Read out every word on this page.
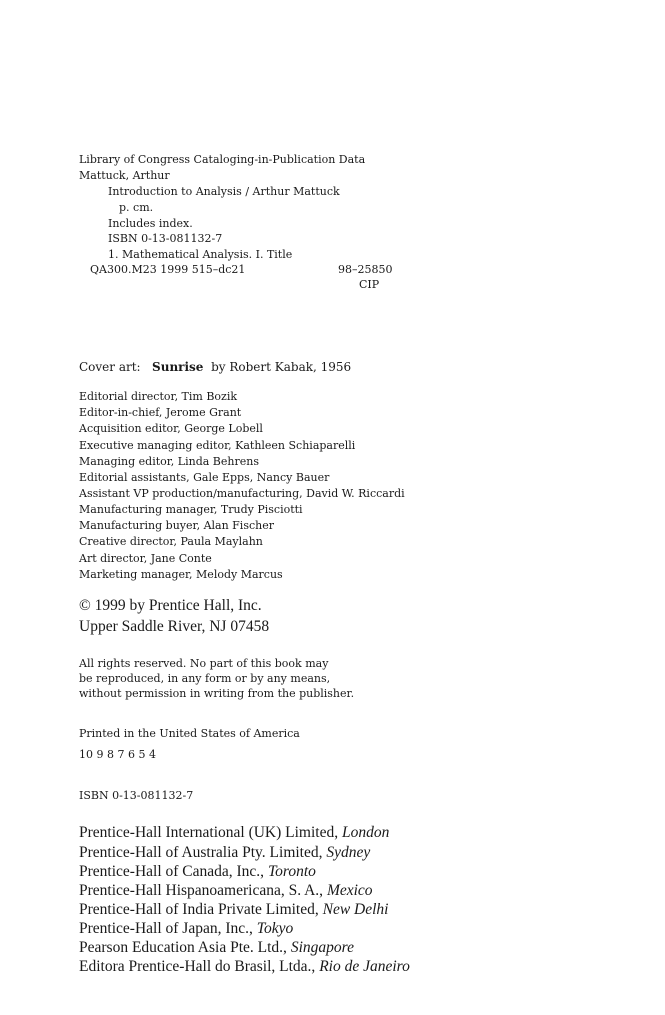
Library of Congress Cataloging-in-Publication Data
Mattuck, Arthur
Introduction to Analysis / Arthur Mattuck
p. cm.
Includes index.
ISBN 0-13-081132-7
1. Mathematical Analysis. I. Title
QA300.M23 1999 515–dc21	98–25850
CIP
Cover art: Sunrise by Robert Kabak, 1956
Editorial director, Tim Bozik
Editor-in-chief, Jerome Grant
Acquisition editor, George Lobell
Executive managing editor, Kathleen Schiaparelli
Managing editor, Linda Behrens
Editorial assistants, Gale Epps, Nancy Bauer
Assistant VP production/manufacturing, David W. Riccardi
Manufacturing manager, Trudy Pisciotti
Manufacturing buyer, Alan Fischer
Creative director, Paula Maylahn
Art director, Jane Conte
Marketing manager, Melody Marcus
© 1999 by Prentice Hall, Inc.
Upper Saddle River, NJ 07458
All rights reserved. No part of this book may
be reproduced, in any form or by any means,
without permission in writing from the publisher.
Printed in the United States of America
10 9 8 7 6 5 4
ISBN 0-13-081132-7
Prentice-Hall International (UK) Limited, London
Prentice-Hall of Australia Pty. Limited, Sydney
Prentice-Hall of Canada, Inc., Toronto
Prentice-Hall Hispanoamericana, S. A., Mexico
Prentice-Hall of India Private Limited, New Delhi
Prentice-Hall of Japan, Inc., Tokyo
Pearson Education Asia Pte. Ltd., Singapore
Editora Prentice-Hall do Brasil, Ltda., Rio de Janeiro
